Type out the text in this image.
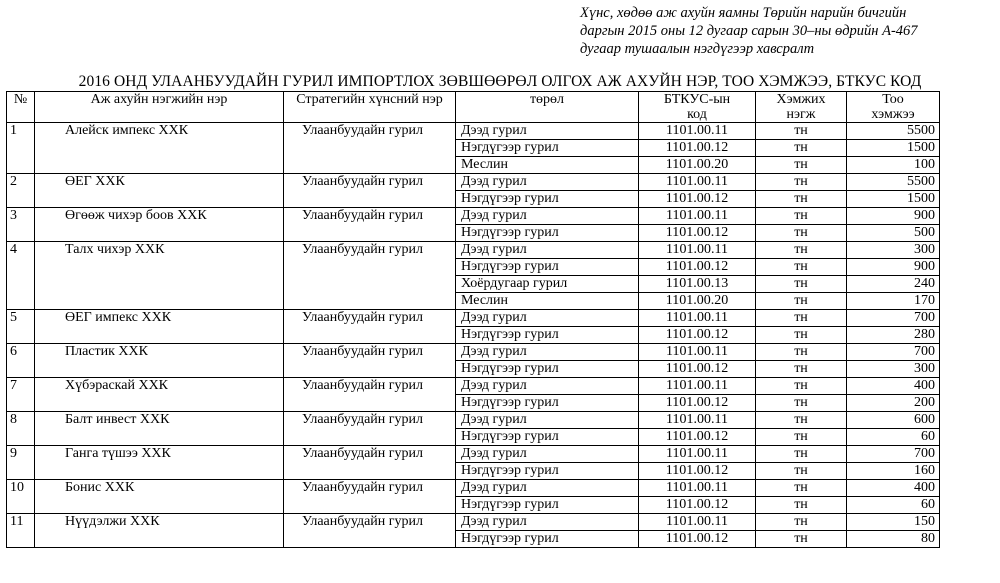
Хүнс, хөдөө аж ахуйн яамны Төрийн нарийн бичгийн
даргын 2015 оны 12 дугаар сарын 30–ны өдрийн А-467
дугаар тушаалын нэгдүгээр хавсралт
2016 ОНД УЛААНБУУДАЙН ГУРИЛ ИМПОРТЛОХ ЗӨВШӨӨРӨЛ ОЛГОХ АЖ АХУЙН НЭР, ТОО ХЭМЖЭЭ, БТКУС КОД
№	Аж ахуйн нэгжийн нэр	Стратегийн хүнсний нэр	төрөл	БТКУС-ын	Хэмжих	Тоо
				код	нэгж	хэмжээ
1	Алейск импекс ХХК	Улаанбуудайн гурил	Дээд гурил	1101.00.11	тн	5500
			Нэгдүгээр гурил	1101.00.12	тн	1500
			Меслин	1101.00.20	тн	100
2	ӨЕГ ХХК	Улаанбуудайн гурил	Дээд гурил	1101.00.11	тн	5500
			Нэгдүгээр гурил	1101.00.12	тн	1500
3	Өгөөж чихэр боов ХХК	Улаанбуудайн гурил	Дээд гурил	1101.00.11	тн	900
			Нэгдүгээр гурил	1101.00.12	тн	500
4	Талх чихэр ХХК	Улаанбуудайн гурил	Дээд гурил	1101.00.11	тн	300
			Нэгдүгээр гурил	1101.00.12	тн	900
			Хоёрдугаар гурил	1101.00.13	тн	240
			Меслин	1101.00.20	тн	170
5	ӨЕГ импекс ХХК	Улаанбуудайн гурил	Дээд гурил	1101.00.11	тн	700
			Нэгдүгээр гурил	1101.00.12	тн	280
6	Пластик ХХК	Улаанбуудайн гурил	Дээд гурил	1101.00.11	тн	700
			Нэгдүгээр гурил	1101.00.12	тн	300
7	Хүбэраскай ХХК	Улаанбуудайн гурил	Дээд гурил	1101.00.11	тн	400
			Нэгдүгээр гурил	1101.00.12	тн	200
8	Балт инвест ХХК	Улаанбуудайн гурил	Дээд гурил	1101.00.11	тн	600
			Нэгдүгээр гурил	1101.00.12	тн	60
9	Ганга түшээ ХХК	Улаанбуудайн гурил	Дээд гурил	1101.00.11	тн	700
			Нэгдүгээр гурил	1101.00.12	тн	160
10	Бонис ХХК	Улаанбуудайн гурил	Дээд гурил	1101.00.11	тн	400
			Нэгдүгээр гурил	1101.00.12	тн	60
11	Нүүдэлжи ХХК	Улаанбуудайн гурил	Дээд гурил	1101.00.11	тн	150
			Нэгдүгээр гурил	1101.00.12	тн	80
